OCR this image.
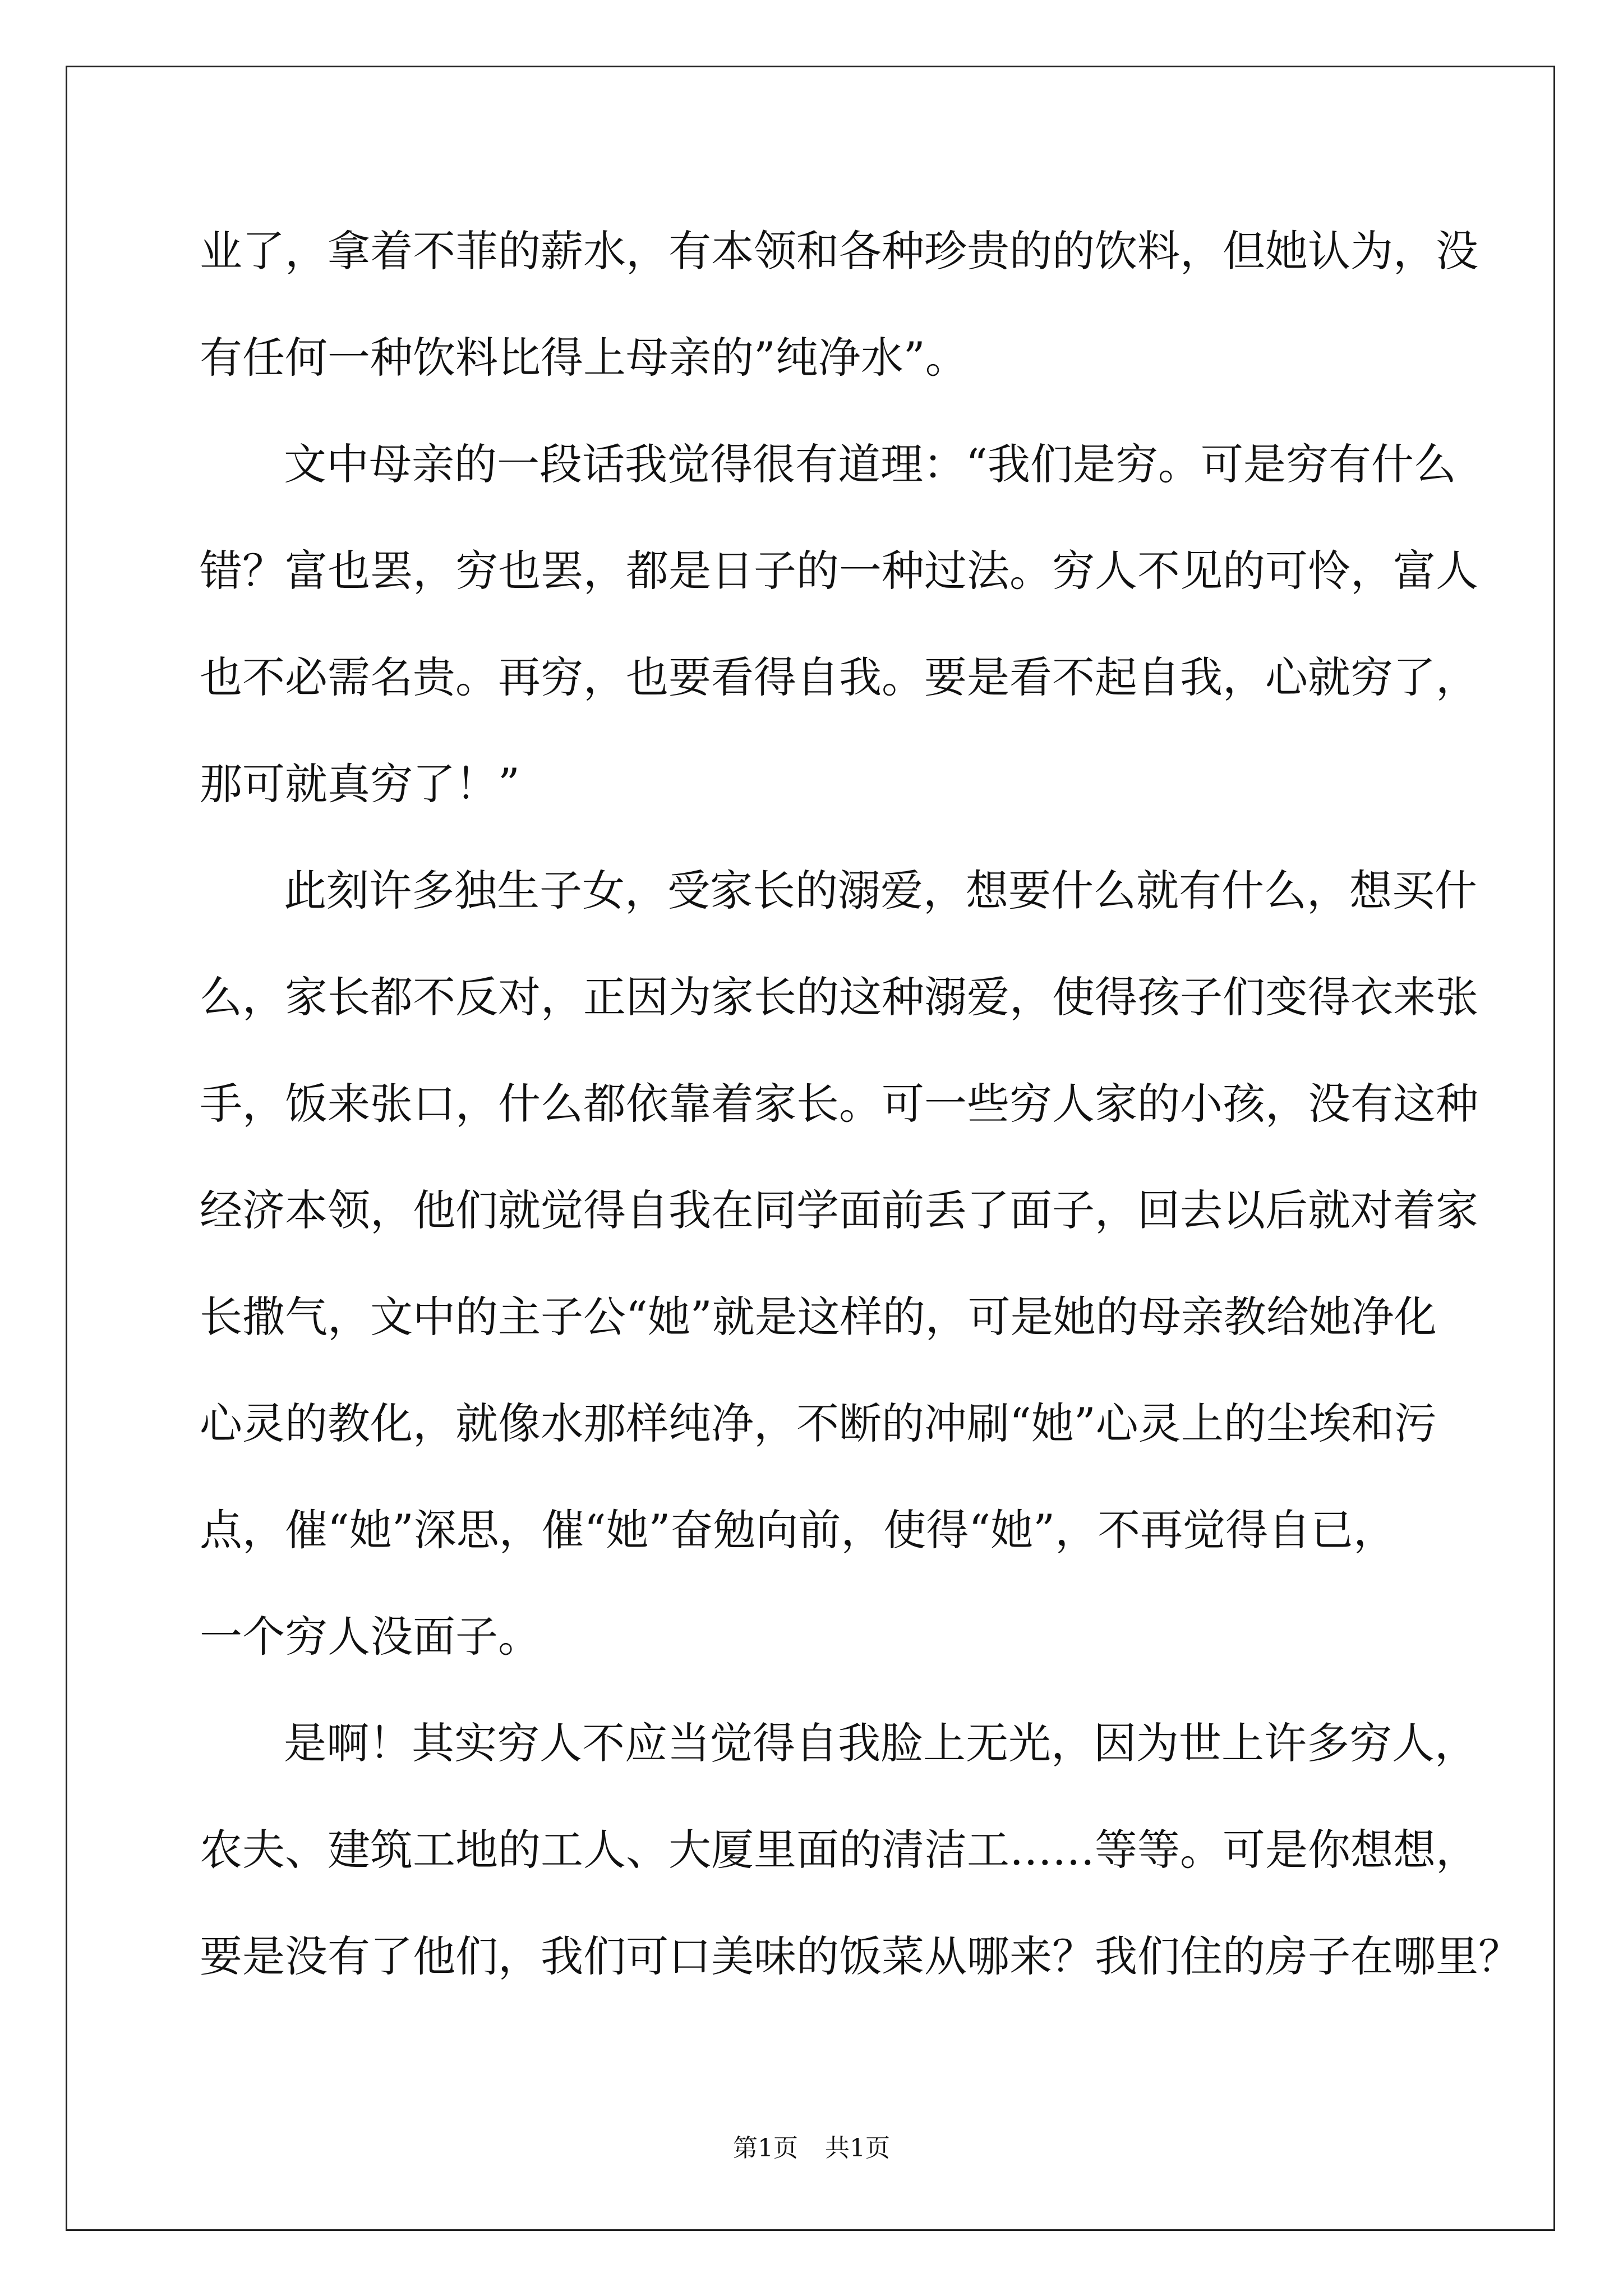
业了，拿着不菲的薪水，有本领和各种珍贵的的饮料，但她认为，没
有任何一种饮料比得上母亲的”纯净水”。
文中母亲的一段话我觉得很有道理：“我们是穷。可是穷有什么
错？富也罢，穷也罢，都是日子的一种过法。穷人不见的可怜，富人
也不必需名贵。再穷，也要看得自我。要是看不起自我，心就穷了，
那可就真穷了！”
此刻许多独生子女，受家长的溺爱，想要什么就有什么，想买什
么，家长都不反对，正因为家长的这种溺爱，使得孩子们变得衣来张
手，饭来张口，什么都依靠着家长。可一些穷人家的小孩，没有这种
经济本领，他们就觉得自我在同学面前丢了面子，回去以后就对着家
长撒气，文中的主子公“她”就是这样的，可是她的母亲教给她净化
心灵的教化，就像水那样纯净，不断的冲刷“她”心灵上的尘埃和污
点，催“她”深思，催“她”奋勉向前，使得“她”，不再觉得自已，
一个穷人没面子。
是啊！其实穷人不应当觉得自我脸上无光，因为世上许多穷人，
农夫、建筑工地的工人、大厦里面的清洁工……等等。可是你想想，
要是没有了他们，我们可口美味的饭菜从哪来？我们住的房子在哪里？
第1页 共1页
